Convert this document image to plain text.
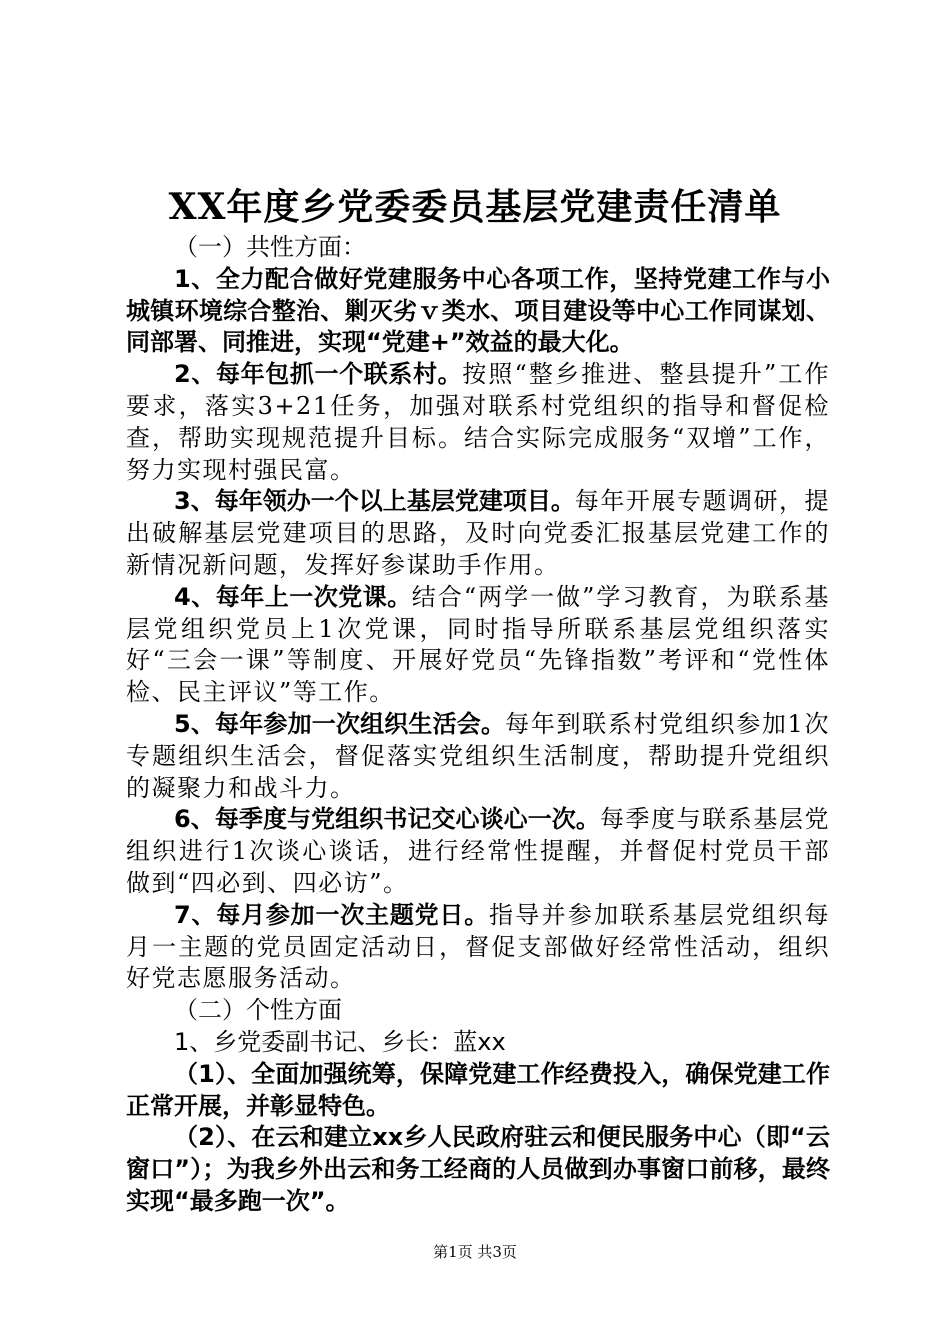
XX年度乡党委委员基层党建责任清单

（一）共性方面：

1、全力配合做好党建服务中心各项工作，坚持党建工作与小城镇环境综合整治、剿灭劣ｖ类水、项目建设等中心工作同谋划、同部署、同推进，实现“党建+”效益的最大化。

2、每年包抓一个联系村。按照“整乡推进、整县提升”工作要求，落实3+21任务，加强对联系村党组织的指导和督促检查，帮助实现规范提升目标。结合实际完成服务“双增”工作，努力实现村强民富。

3、每年领办一个以上基层党建项目。每年开展专题调研，提出破解基层党建项目的思路，及时向党委汇报基层党建工作的新情况新问题，发挥好参谋助手作用。

4、每年上一次党课。结合“两学一做”学习教育，为联系基层党组织党员上1次党课，同时指导所联系基层党组织落实好“三会一课”等制度、开展好党员“先锋指数”考评和“党性体检、民主评议”等工作。

5、每年参加一次组织生活会。每年到联系村党组织参加1次专题组织生活会，督促落实党组织生活制度，帮助提升党组织的凝聚力和战斗力。

6、每季度与党组织书记交心谈心一次。每季度与联系基层党组织进行1次谈心谈话，进行经常性提醒，并督促村党员干部做到“四必到、四必访”。

7、每月参加一次主题党日。指导并参加联系基层党组织每月一主题的党员固定活动日，督促支部做好经常性活动，组织好党志愿服务活动。

（二）个性方面

1、乡党委副书记、乡长：蓝xx

（1）、全面加强统筹，保障党建工作经费投入，确保党建工作正常开展，并彰显特色。

（2）、在云和建立xx乡人民政府驻云和便民服务中心（即“云窗口”）；为我乡外出云和务工经商的人员做到办事窗口前移，最终实现“最多跑一次”。

第1页 共3页
